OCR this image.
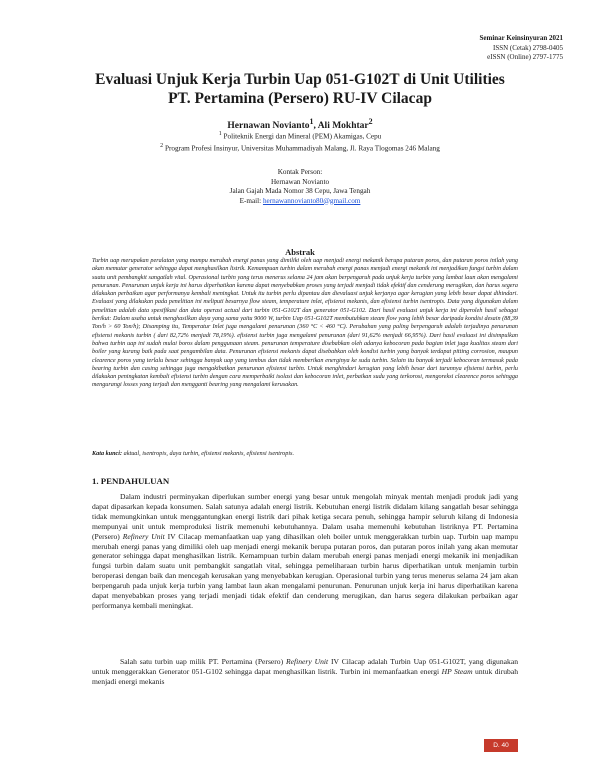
Seminar Keinsinyuran 2021
ISSN (Cetak) 2798-0405
eISSN (Online) 2797-1775
Evaluasi Unjuk Kerja Turbin Uap 051-G102T di Unit Utilities
PT. Pertamina (Persero) RU-IV Cilacap
Hernawan Novianto$^1$, Ali Mokhtar$^2$
$^1$ Politeknik Energi dan Mineral (PEM) Akamigas, Cepu
$^2$ Program Profesi Insinyur, Universitas Muhammadiyah Malang, Jl. Raya Tlogomas 246 Malang
Kontak Person:
Hernawan Novianto
Jalan Gajah Mada Nomor 38 Cepu, Jawa Tengah
E-mail: hernawannovianto80@gmail.com
Abstrak

Turbin uap merupakan peralatan yang mampu merubah energi panas yang dimiliki oleh uap menjadi energi mekanik berupa putaran poros, dan putaran poros inilah yang akan memutar generator sehingga dapat menghasilkan listrik. Kemampuan turbin dalam merubah energi panas menjadi energi mekanik ini menjadikan fungsi turbin dalam suatu unit pembangkit sangatlah vital. Operasional turbin yang terus menerus selama 24 jam akan berpengaruh pada unjuk kerja turbin yang lambat laun akan mengalami penurunan. Penurunan unjuk kerja ini harus diperhatikan karena dapat menyebabkan proses yang terjadi menjadi tidak efektif dan cenderung merugikan, dan harus segera dilakukan perbaikan agar performanya kembali meningkat. Untuk itu turbin perlu dipantau dan dievaluasi unjuk kerjanya agar kerugian yang lebih besar dapat dihindari. Evaluasi yang dilakukan pada penelitian ini meliputi besarnya flow steam, temperature inlet, efisiensi mekanis, dan efisiensi turbin isentropis. Data yang digunakan dalam penelitian adalah data spesifikasi dan data operasi actual dari turbin 051-G102T dan generator 051-G102. Dari hasil evaluasi unjuk kerja ini diperoleh hasil sebagai berikut: Dalam usaha untuk menghasilkan daya yang sama yaitu 9000 W, turbin Uap 051-G102T membutuhkan steam flow yang lebih besar daripada kondisi desain (88,39 Ton/h > 60 Ton/h); Disamping itu, Temperatur Inlet juga mengalami penurunan (360 °C < 460 °C). Perubahan yang paling berpengaruh adalah terjadinya penurunan efisiensi mekanis turbin ( dari 82,72% menjadi 78,19%). efisiensi turbin juga mengalami penurunan (dari 91,62% menjadi 66,95%). Dari hasil evaluasi ini disimpulkan bahwa turbin uap ini sudah mulai boros dalam penggunaan steam. penurunan temperature disebabkan oleh adanya kebocoran pada bagian inlet juga kualitas steam dari boiler yang kurang baik pada saat pengambilan data. Penurunan efisiensi mekanis dapat disebabkan oleh kondisi turbin yang banyak terdapat pitting corrosion, maupun clearence poros yang terlalu besar sehingga banyak uap yang tembus dan tidak memberikan energinya ke sudu turbin. Selain itu banyak terjadi kebocoran termasuk pada bearing turbin dan casing sehingga juga mengakibatkan penurunan efisiensi turbin. Untuk menghindari kerugian yang lebih besar dari turunnya efisiensi turbin, perlu dilakukan peningkatan kembali efisiensi turbin dengan cara memperbaiki isolasi dan kebocoran inlet, perbaikan sudu yang terkorosi, mengoreksi clearence poros sehingga mengurangi losses yang terjadi dan mengganti bearing yang mengalami kerusakan.

Kata kunci: aktual, isentropis, daya turbin, efisiensi mekanis, efisiensi isentropis.
1. PENDAHULUAN

Dalam industri perminyakan diperlukan sumber energi yang besar untuk mengolah minyak mentah menjadi produk jadi yang dapat dipasarkan kepada konsumen. Salah satunya adalah energi listrik. Kebutuhan energi listrik didalam kilang sangatlah besar sehingga tidak memungkinkan untuk menggantungkan energi listrik dari pihak ketiga secara penuh, sehingga hampir seluruh kilang di Indonesia mempunyai unit untuk memproduksi listrik memenuhi kebutuhannya. Dalam usaha memenuhi kebutuhan listriknya PT. Pertamina (Persero) Refinery Unit IV Cilacap memanfaatkan uap yang dihasilkan oleh boiler untuk menggerakkan turbin uap. Turbin uap mampu merubah energi panas yang dimiliki oleh uap menjadi energi mekanik berupa putaran poros, dan putaran poros inilah yang akan memutar generator sehingga dapat menghasilkan listrik. Kemampuan turbin dalam merubah energi panas menjadi energi mekanik ini menjadikan fungsi turbin dalam suatu unit pembangkit sangatlah vital, sehingga pemeliharaan turbin harus diperhatikan untuk menjamin turbin beroperasi dengan baik dan mencegah kerusakan yang menyebabkan kerugian. Operasional turbin yang terus menerus selama 24 jam akan berpengaruh pada unjuk kerja turbin yang lambat laun akan mengalami penurunan. Penurunan unjuk kerja ini harus diperhatikan karena dapat menyebabkan proses yang terjadi menjadi tidak efektif dan cenderung merugikan, dan harus segera dilakukan perbaikan agar performanya kembali meningkat.

Salah satu turbin uap milik PT. Pertamina (Persero) Refinery Unit IV Cilacap adalah Turbin Uap 051-G102T, yang digunakan untuk menggerakkan Generator 051-G102 sehingga dapat menghasilkan listrik. Turbin ini memanfaatkan energi HP Steam untuk dirubah menjadi energi mekanis

D. 40
